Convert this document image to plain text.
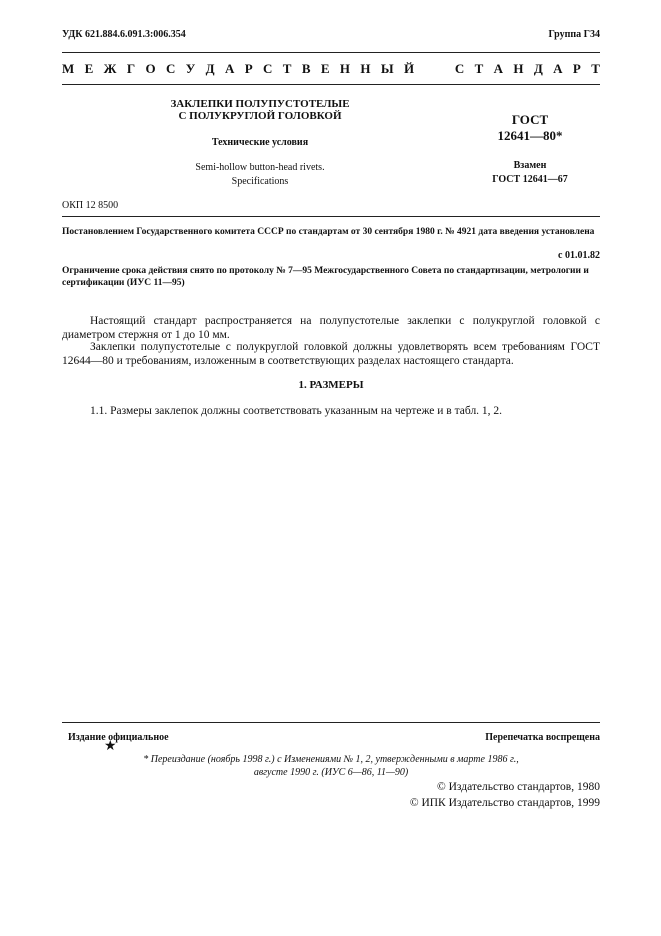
УДК 621.884.6.091.3:006.354	Группа Г34
М Е Ж Г О С У Д А Р С Т В Е Н Н Ы Й	С Т А Н Д А Р Т
ЗАКЛЕПКИ ПОЛУПУСТОТЕЛЫЕ
С ПОЛУКРУГЛОЙ ГОЛОВКОЙ
Технические условия
Semi-hollow button-head rivets.
Specifications
ГОСТ
12641—80*
Взамен
ГОСТ 12641—67
ОКП 12 8500
Постановлением Государственного комитета СССР по стандартам от 30 сентября 1980 г. № 4921 дата введения установлена
с 01.01.82
Ограничение срока действия снято по протоколу № 7—95 Межгосударственного Совета по стандартизации, метрологии и сертификации (ИУС 11—95)
Настоящий стандарт распространяется на полупустотелые заклепки с полукруглой головкой с диаметром стержня от 1 до 10 мм.
Заклепки полупустотелые с полукруглой головкой должны удовлетворять всем требованиям ГОСТ 12644—80 и требованиям, изложенным в соответствующих разделах настоящего стандарта.
1. РАЗМЕРЫ
1.1. Размеры заклепок должны соответствовать указанным на чертеже и в табл. 1, 2.
Издание официальное	Перепечатка воспрещена
★
* Переиздание (ноябрь 1998 г.) с Изменениями № 1, 2, утвержденными в марте 1986 г.,
августе 1990 г. (ИУС 6—86, 11—90)
© Издательство стандартов, 1980
© ИПК Издательство стандартов, 1999
